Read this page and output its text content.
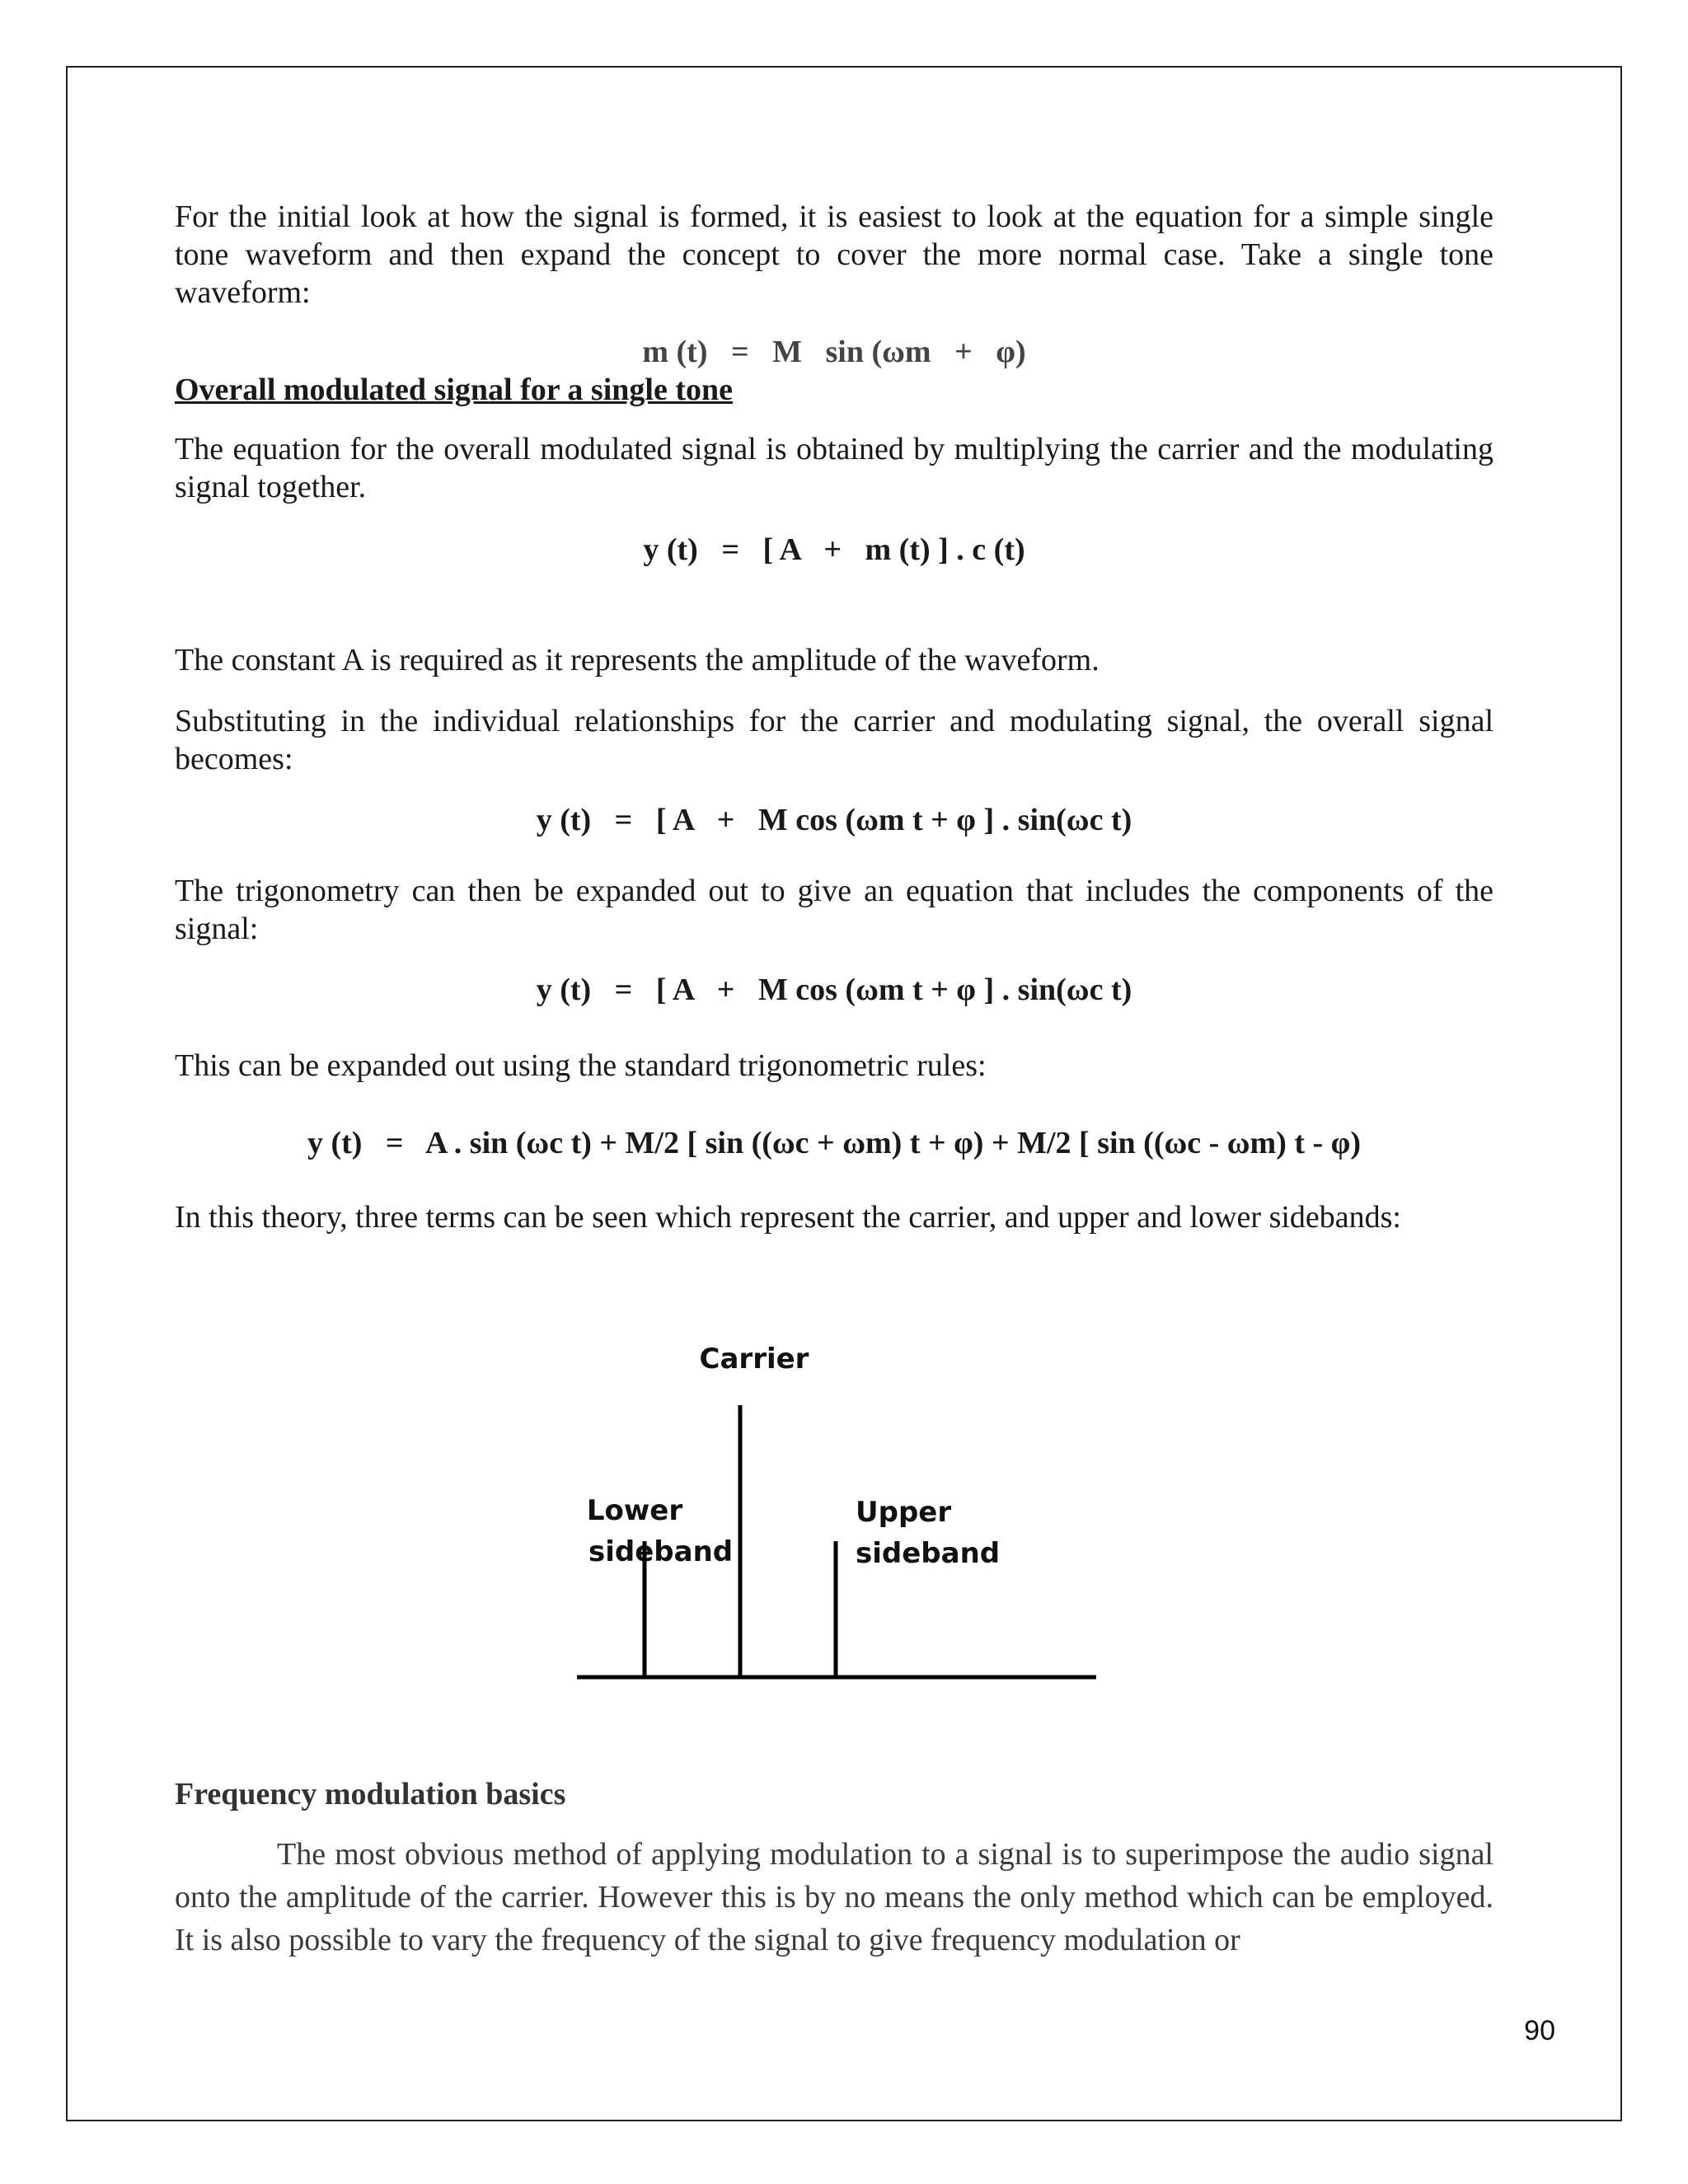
For the initial look at how the signal is formed, it is easiest to look at the equation for a simple single tone waveform and then expand the concept to cover the more normal case. Take a single tone waveform:

m (t)   =   M   sin (ωm   +   φ)
Overall modulated signal for a single tone

The equation for the overall modulated signal is obtained by multiplying the carrier and the modulating signal together.

y (t)   =   [ A   +   m (t) ] . c (t)

The constant A is required as it represents the amplitude of the waveform.

Substituting in the individual relationships for the carrier and modulating signal, the overall signal becomes:

y (t)   =   [ A   +   M cos (ωm t + φ ] . sin(ωc t)

The trigonometry can then be expanded out to give an equation that includes the components of the signal:

y (t)   =   [ A   +   M cos (ωm t + φ ] . sin(ωc t)

This can be expanded out using the standard trigonometric rules:

y (t)   =   A . sin (ωc t) + M/2 [ sin ((ωc + ωm) t + φ) + M/2 [ sin ((ωc - ωm) t - φ)

In this theory, three terms can be seen which represent the carrier, and upper and lower sidebands:

Frequency modulation basics

The most obvious method of applying modulation to a signal is to superimpose the audio signal onto the amplitude of the carrier. However this is by no means the only method which can be employed. It is also possible to vary the frequency of the signal to give frequency modulation or

Carrier
Lower
sideband
Upper
sideband
90
